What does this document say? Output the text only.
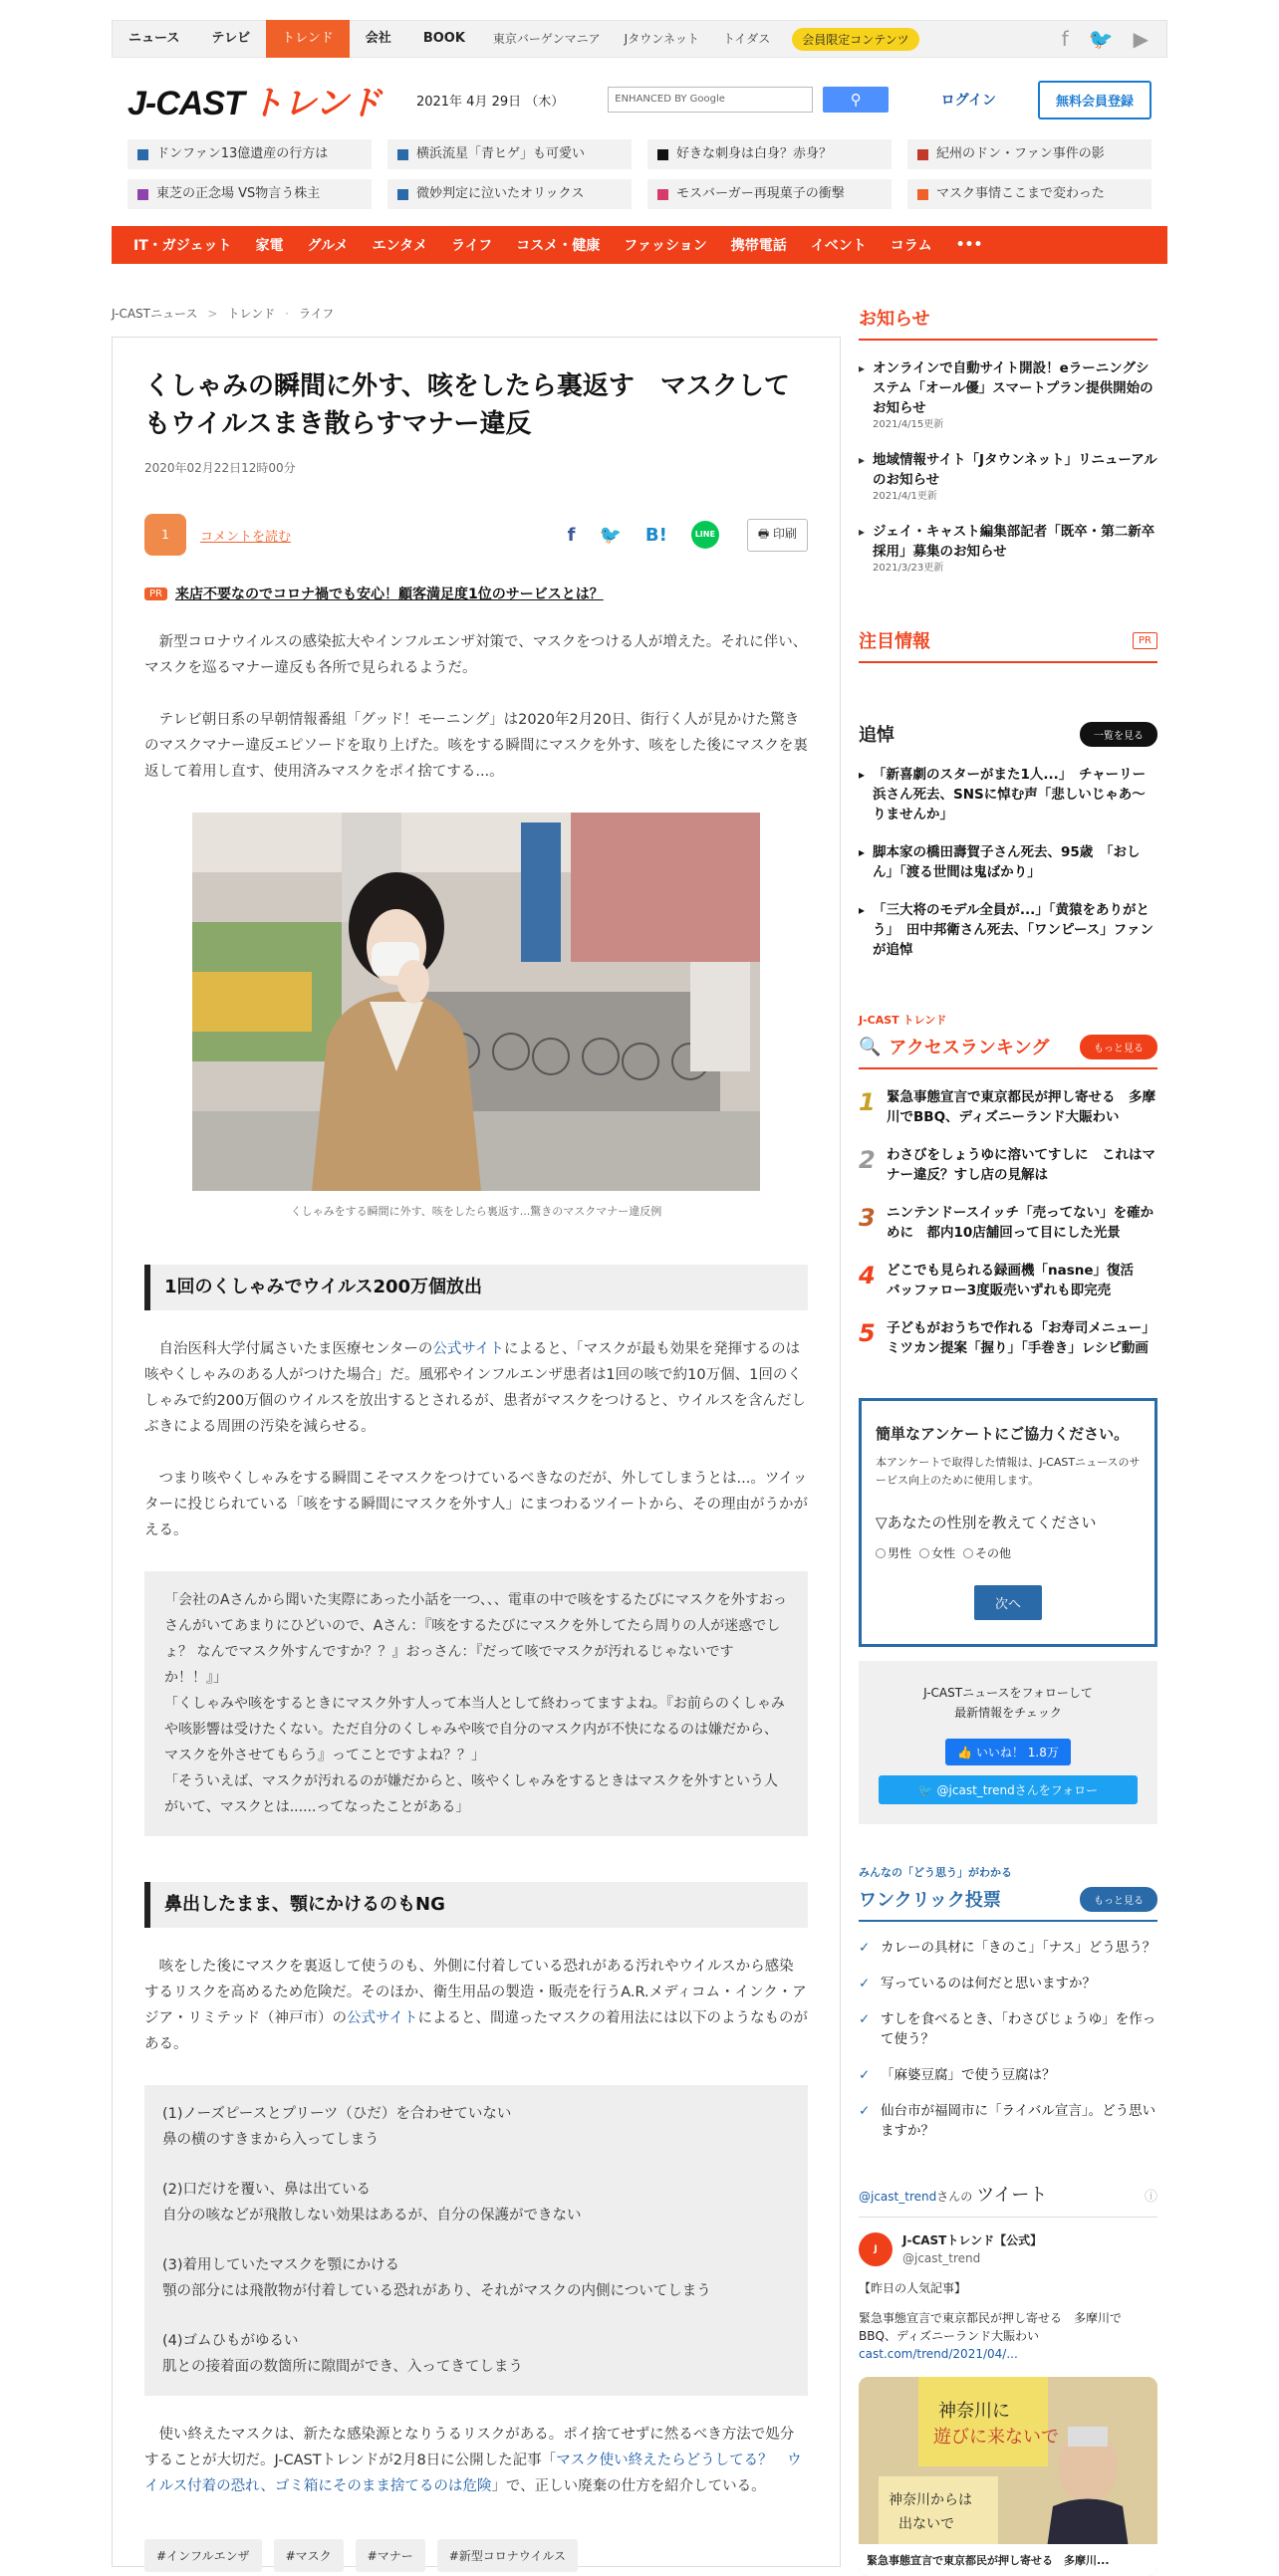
ニュース	テレビ	トレンド	会社	BOOK	東京バーゲンマニア	Jタウンネット	トイダス	会員限定コンテンツ	f 🐦 ▶
J-CAST トレンド	2021年 4月 29日 （木）	ENHANCED BY Google	⚲	ログイン	無料会員登録
ドンファン13億遺産の行方は	横浜流星「青ヒゲ」も可愛い	好きな刺身は白身？赤身？	紀州のドン・ファン事件の影
東芝の正念場 VS物言う株主	微妙判定に泣いたオリックス	モスバーガー再現菓子の衝撃	マスク事情ここまで変わった
IT・ガジェット	家電	グルメ	エンタメ	ライフ	コスメ・健康	ファッション	携帯電話	イベント	コラム	•••
J-CASTニュース > トレンド · ライフ
くしゃみの瞬間に外す、咳をしたら裏返す　マスクしてもウイルスまき散らすマナー違反
2020年02月22日12時00分
1	コメントを読む	f 🐦 B!	LINE	🖶 印刷
PR 来店不要なのでコロナ禍でも安心！顧客満足度1位のサービスとは？

新型コロナウイルスの感染拡大やインフルエンザ対策で、マスクをつける人が増えた。それに伴い、マスクを巡るマナー違反も各所で見られるようだ。

テレビ朝日系の早朝情報番組「グッド！モーニング」は2020年2月20日、街行く人が見かけた驚きのマスクマナー違反エピソードを取り上げた。咳をする瞬間にマスクを外す、咳をした後にマスクを裏返して着用し直す、使用済みマスクをポイ捨てする...。

くしゃみをする瞬間に外す、咳をしたら裏返す...驚きのマスクマナー違反例
1回のくしゃみでウイルス200万個放出

自治医科大学付属さいたま医療センターの公式サイトによると、「マスクが最も効果を発揮するのは咳やくしゃみのある人がつけた場合」だ。風邪やインフルエンザ患者は1回の咳で約10万個、1回のくしゃみで約200万個のウイルスを放出するとされるが、患者がマスクをつけると、ウイルスを含んだしぶきによる周囲の汚染を減らせる。

つまり咳やくしゃみをする瞬間こそマスクをつけているべきなのだが、外してしまうとは...。ツイッターに投じられている「咳をする瞬間にマスクを外す人」にまつわるツイートから、その理由がうかがえる。

「会社のAさんから聞いた実際にあった小話を一つ、、、電車の中で咳をするたびにマスクを外すおっさんがいてあまりにひどいので、Aさん：『咳をするたびにマスクを外してたら周りの人が迷惑でしょ？ なんでマスク外すんですか？？』おっさん：『だって咳でマスクが汚れるじゃないですか！！』」
「くしゃみや咳をするときにマスク外す人って本当人として終わってますよね。『お前らのくしゃみや咳影響は受けたくない。ただ自分のくしゃみや咳で自分のマスク内が不快になるのは嫌だから、マスクを外させてもらう』ってことですよね？？」
「そういえば、マスクが汚れるのが嫌だからと、咳やくしゃみをするときはマスクを外すという人がいて、マスクとは......ってなったことがある」
鼻出したまま、顎にかけるのもNG

咳をした後にマスクを裏返して使うのも、外側に付着している恐れがある汚れやウイルスから感染するリスクを高めるため危険だ。そのほか、衛生用品の製造・販売を行うA.R.メディコム・インク・アジア・リミテッド（神戸市）の公式サイトによると、間違ったマスクの着用法には以下のようなものがある。

(1)ノーズピースとプリーツ（ひだ）を合わせていない
鼻の横のすきまから入ってしまう
(2)口だけを覆い、鼻は出ている
自分の咳などが飛散しない効果はあるが、自分の保護ができない
(3)着用していたマスクを顎にかける
顎の部分には飛散物が付着している恐れがあり、それがマスクの内側についてしまう
(4)ゴムひもがゆるい
肌との接着面の数箇所に隙間ができ、入ってきてしまう

使い終えたマスクは、新たな感染源となりうるリスクがある。ポイ捨てせずに然るべき方法で処分することが大切だ。J-CASTトレンドが2月8日に公開した記事「マスク使い終えたらどうしてる？　ウイルス付着の恐れ、ゴミ箱にそのまま捨てるのは危険」で、正しい廃棄の仕方を紹介している。

#インフルエンザ	#マスク	#マナー	#新型コロナウイルス
お知らせ
▸ オンラインで自動サイト開設！eラーニングシステム「オール優」スマートプラン提供開始のお知らせ
2021/4/15更新
▸ 地域情報サイト「Jタウンネット」リニューアルのお知らせ
2021/4/1更新
▸ ジェイ・キャスト編集部記者「既卒・第二新卒採用」募集のお知らせ
2021/3/23更新
注目情報	PR
追悼	一覧を見る
▸ 「新喜劇のスターがまた1人...」　チャーリー浜さん死去、SNSに悼む声「悲しいじゃあ～りませんか」
▸ 脚本家の橋田壽賀子さん死去、95歳　「おしん」「渡る世間は鬼ばかり」
▸ 「三大将のモデル全員が...」「黄猿をありがとう」　田中邦衛さん死去、「ワンピース」ファンが追悼
J-CAST トレンド
🔍 アクセスランキング	もっと見る
1 緊急事態宣言で東京都民が押し寄せる　多摩川でBBQ、ディズニーランド大賑わい
2 わさびをしょうゆに溶いてすしに　これはマナー違反？すし店の見解は
3 ニンテンドースイッチ「売ってない」を確かめに　都内10店舗回って目にした光景
4 どこでも見られる録画機「nasne」復活　バッファロー3度販売いずれも即完売
5 子どもがおうちで作れる「お寿司メニュー」　ミツカン提案「握り」「手巻き」レシピ動画
簡単なアンケートにご協力ください。
本アンケートで取得した情報は、J-CASTニュースのサービス向上のために使用します。
▽あなたの性別を教えてください
男性	女性	その他
次へ
J-CASTニュースをフォローして
最新情報をチェック
👍 いいね！ 1.8万
🐦 @jcast_trendさんをフォロー
みんなの「どう思う」がわかる
ワンクリック投票	もっと見る
✓ カレーの具材に「きのこ」「ナス」どう思う？
✓ 写っているのは何だと思いますか？
✓ すしを食べるとき、「わさびじょうゆ」を作って使う？
✓ 「麻婆豆腐」で使う豆腐は？
✓ 仙台市が福岡市に「ライバル宣言」。どう思いますか？
@jcast_trend さんの ツイート	ⓘ
J
J-CASTトレンド【公式】
@jcast_trend
【昨日の人気記事】
緊急事態宣言で東京都民が押し寄せる　多摩川でBBQ、ディズニーランド大賑わい
cast.com/trend/2021/04/...
神奈川に
遊びに来ないで
神奈川からは
出ないで
緊急事態宣言で東京都民が押し寄せる　多摩川...
